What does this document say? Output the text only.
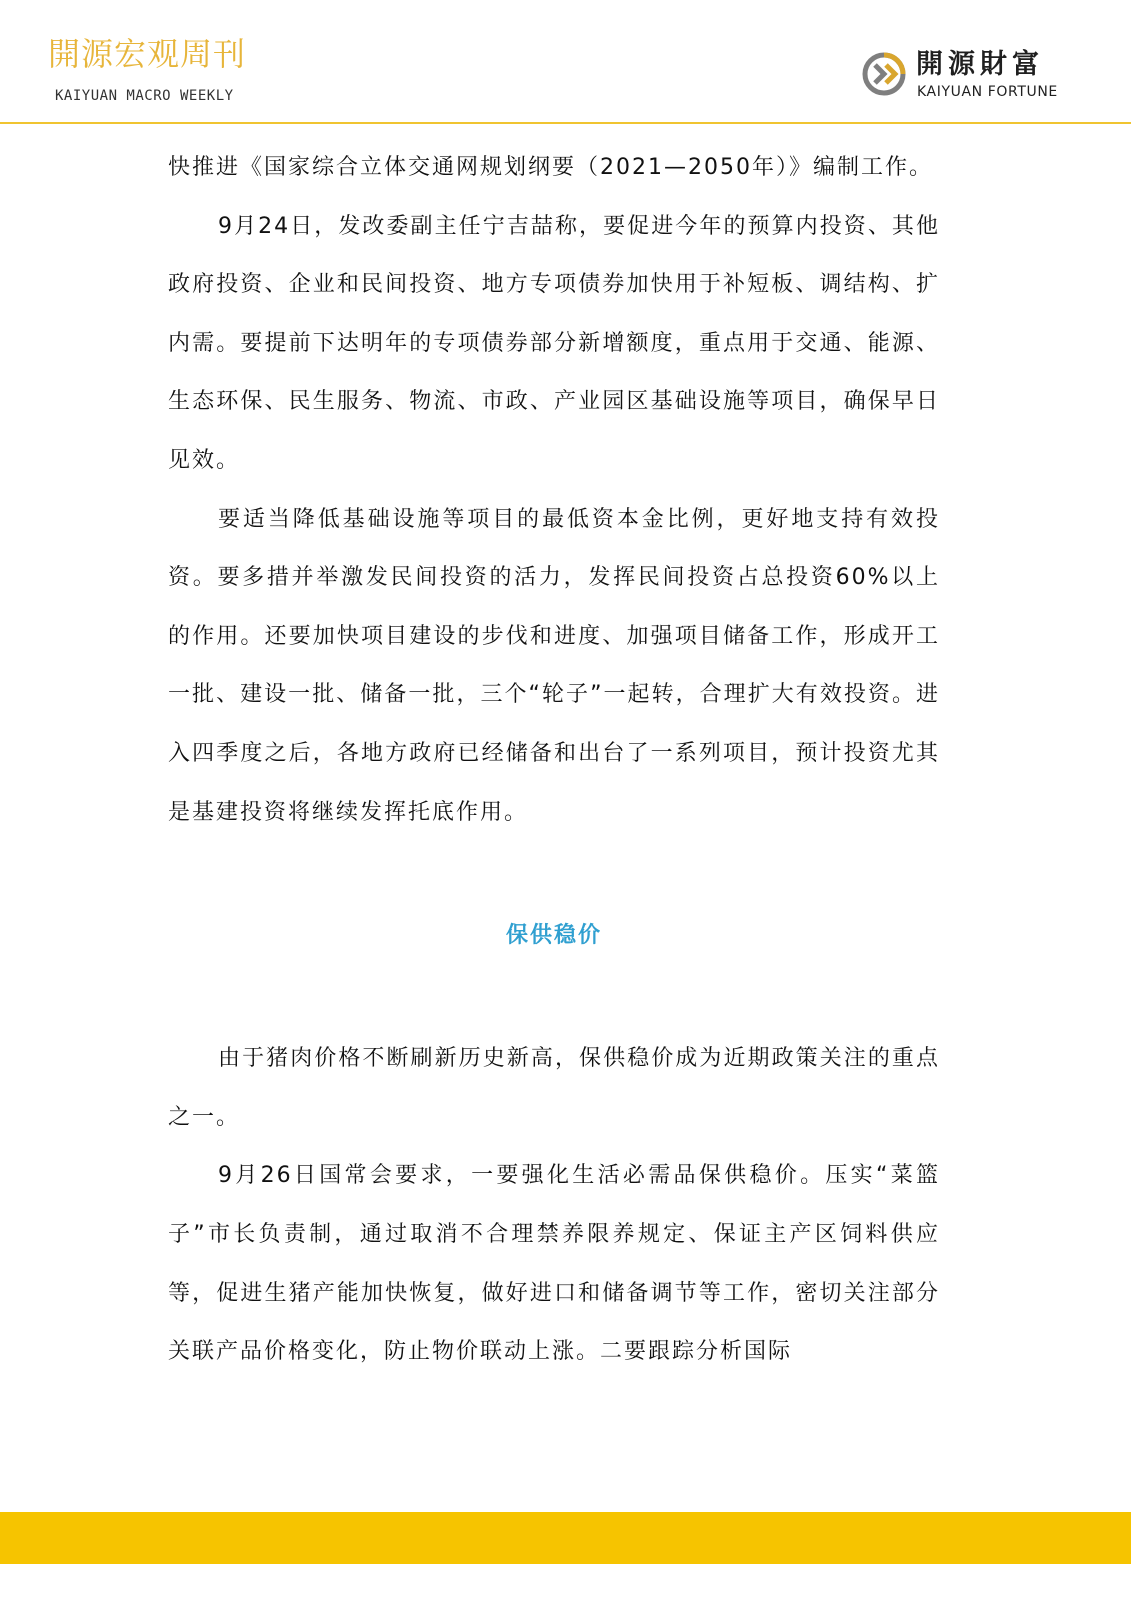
開源宏观周刊
KAIYUAN MACRO WEEKLY
開源財富
KAIYUAN FORTUNE

快推进《国家综合立体交通网规划纲要（2021—2050年）》编制工作。

9月24日，发改委副主任宁吉喆称，要促进今年的预算内投资、其他政府投资、企业和民间投资、地方专项债券加快用于补短板、调结构、扩内需。要提前下达明年的专项债券部分新增额度，重点用于交通、能源、生态环保、民生服务、物流、市政、产业园区基础设施等项目，确保早日见效。

要适当降低基础设施等项目的最低资本金比例，更好地支持有效投资。要多措并举激发民间投资的活力，发挥民间投资占总投资60%以上的作用。还要加快项目建设的步伐和进度、加强项目储备工作，形成开工一批、建设一批、储备一批，三个“轮子”一起转，合理扩大有效投资。进入四季度之后，各地方政府已经储备和出台了一系列项目，预计投资尤其是基建投资将继续发挥托底作用。

保供稳价

由于猪肉价格不断刷新历史新高，保供稳价成为近期政策关注的重点之一。

9月26日国常会要求，一要强化生活必需品保供稳价。压实“菜篮子”市长负责制，通过取消不合理禁养限养规定、保证主产区饲料供应等，促进生猪产能加快恢复，做好进口和储备调节等工作，密切关注部分关联产品价格变化，防止物价联动上涨。二要跟踪分析国际
